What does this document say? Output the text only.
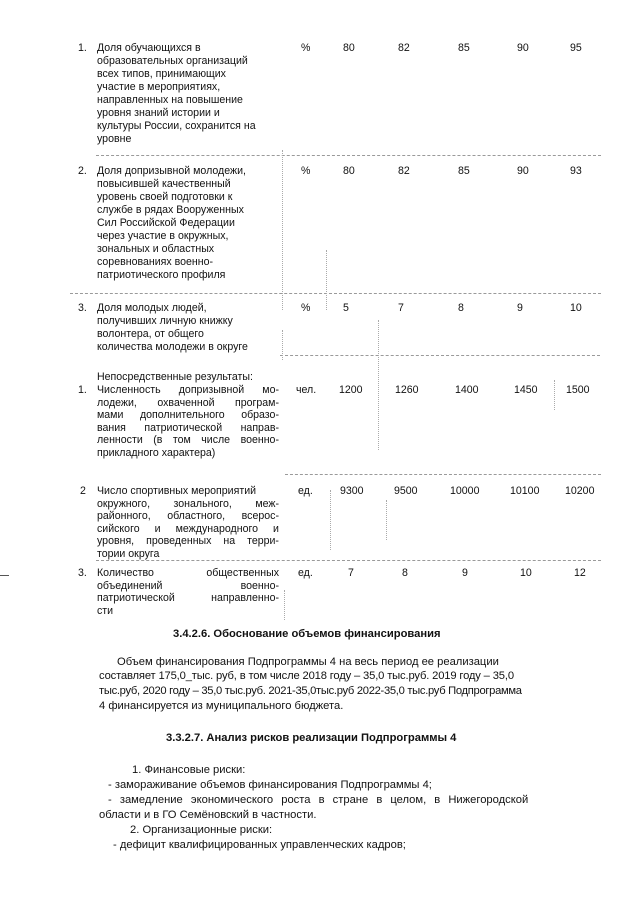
1. Доля обучающихся в
образовательных организаций
всех типов, принимающих
участие в мероприятиях,
направленных на повышение
уровня знаний истории и
культуры России, сохранится на
уровне
%	80	82	85	90	95
2. Доля допризывной молодежи,
повысившей качественный
уровень своей подготовки к
службе в рядах Вооруженных
Сил Российской Федерации
через участие в окружных,
зональных и областных
соревнованиях военно-
патриотического профиля
%	80	82	85	90	93
3. Доля молодых людей,
получивших личную книжку
волонтера, от общего
количества молодежи в округе
%	5	7	8	9	10
Непосредственные результаты:
1. Численность допризывной мо-
лодежи, охваченной програм-
мами дополнительного образо-
вания патриотической направ-
ленности (в том числе военно-
прикладного характера)
чел. 1200	1260	1400	1450	1500
2 Число спортивных мероприятий
окружного, зонального, меж-
районного, областного, всерос-
сийского и международного и
уровня, проведенных на терри-
тории округа
ед.	9300	9500	10000	10100 10200
3. Количество	общественных
объединений	военно-
патриотической	направленно-
сти
ед.	7	8	9	10	12
3.4.2.6. Обоснование объемов финансирования
Объем финансирования Подпрограммы 4 на весь период ее реализации
составляет 175,0_тыс. руб, в том числе 2018 году – 35,0 тыс.руб. 2019 году – 35,0
тыс.руб, 2020 году – 35,0 тыс.руб. 2021-35,0тыс.руб 2022-35,0 тыс.руб Подпрограмма
4 финансируется из муниципального бюджета.
3.3.2.7. Анализ рисков реализации Подпрограммы 4
1. Финансовые риски:
- замораживание объемов финансирования Подпрограммы 4;
- замедление экономического роста в стране в целом, в Нижегородской
области и в ГО Семёновский в частности.
2. Организационные риски:
- дефицит квалифицированных управленческих кадров;
